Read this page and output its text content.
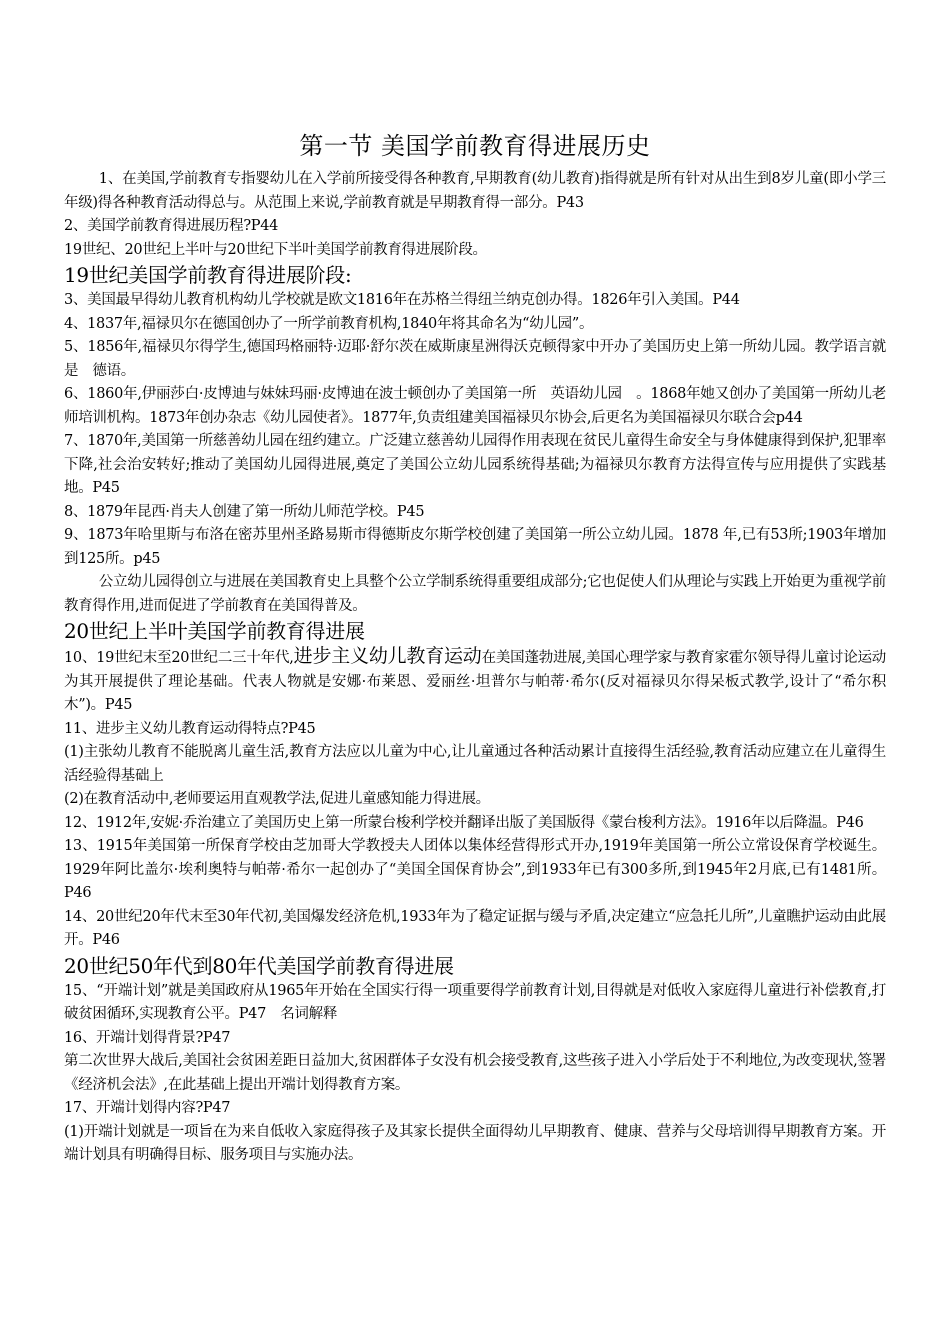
第一节 美国学前教育得进展历史

1、在美国,学前教育专指婴幼儿在入学前所接受得各种教育,早期教育(幼儿教育)指得就是所有针对从出生到8岁儿童(即小学三年级)得各种教育活动得总与。从范围上来说,学前教育就是早期教育得一部分。P43

2、美国学前教育得进展历程?P44

19世纪、20世纪上半叶与20世纪下半叶美国学前教育得进展阶段。

19世纪美国学前教育得进展阶段:

3、美国最早得幼儿教育机构幼儿学校就是欧文1816年在苏格兰得纽兰纳克创办得。1826年引入美国。P44

4、1837年,福禄贝尔在德国创办了一所学前教育机构,1840年将其命名为“幼儿园”。

5、1856年,福禄贝尔得学生,德国玛格丽特·迈耶·舒尔茨在威斯康星洲得沃克顿得家中开办了美国历史上第一所幼儿园。教学语言就是　德语。

6、1860年,伊丽莎白·皮博迪与妹妹玛丽·皮博迪在波士顿创办了美国第一所　英语幼儿园　。1868年她又创办了美国第一所幼儿老师培训机构。1873年创办杂志《幼儿园使者》。1877年,负责组建美国福禄贝尔协会,后更名为美国福禄贝尔联合会p44

7、1870年,美国第一所慈善幼儿园在纽约建立。广泛建立慈善幼儿园得作用表现在贫民儿童得生命安全与身体健康得到保护,犯罪率下降,社会治安转好;推动了美国幼儿园得进展,奠定了美国公立幼儿园系统得基础;为福禄贝尔教育方法得宣传与应用提供了实践基地。P45

8、1879年昆西·肖夫人创建了第一所幼儿师范学校。P45

9、1873年哈里斯与布洛在密苏里州圣路易斯市得德斯皮尔斯学校创建了美国第一所公立幼儿园。1878 年,已有53所;1903年增加到125所。p45

公立幼儿园得创立与进展在美国教育史上具整个公立学制系统得重要组成部分;它也促使人们从理论与实践上开始更为重视学前教育得作用,进而促进了学前教育在美国得普及。

20世纪上半叶美国学前教育得进展

10、19世纪末至20世纪二三十年代,进步主义幼儿教育运动在美国蓬勃进展,美国心理学家与教育家霍尔领导得儿童讨论运动为其开展提供了理论基础。代表人物就是安娜·布莱恩、爱丽丝·坦普尔与帕蒂·希尔(反对福禄贝尔得呆板式教学,设计了“希尔积木”)。P45

11、进步主义幼儿教育运动得特点?P45

(1)主张幼儿教育不能脱离儿童生活,教育方法应以儿童为中心,让儿童通过各种活动累计直接得生活经验,教育活动应建立在儿童得生活经验得基础上

(2)在教育活动中,老师要运用直观教学法,促进儿童感知能力得进展。

12、1912年,安妮·乔治建立了美国历史上第一所蒙台梭利学校并翻译出版了美国版得《蒙台梭利方法》。1916年以后降温。P46

13、1915年美国第一所保育学校由芝加哥大学教授夫人团体以集体经营得形式开办,1919年美国第一所公立常设保育学校诞生。1929年阿比盖尔·埃利奥特与帕蒂·希尔一起创办了“美国全国保育协会”,到1933年已有300多所,到1945年2月底,已有1481所。P46

14、20世纪20年代末至30年代初,美国爆发经济危机,1933年为了稳定证据与缓与矛盾,决定建立“应急托儿所”,儿童瞧护运动由此展开。P46

20世纪50年代到80年代美国学前教育得进展

15、“开端计划”就是美国政府从1965年开始在全国实行得一项重要得学前教育计划,目得就是对低收入家庭得儿童进行补偿教育,打破贫困循环,实现教育公平。P47　名词解释

16、开端计划得背景?P47

第二次世界大战后,美国社会贫困差距日益加大,贫困群体子女没有机会接受教育,这些孩子进入小学后处于不利地位,为改变现状,签署《经济机会法》,在此基础上提出开端计划得教育方案。

17、开端计划得内容?P47

(1)开端计划就是一项旨在为来自低收入家庭得孩子及其家长提供全面得幼儿早期教育、健康、营养与父母培训得早期教育方案。开端计划具有明确得目标、服务项目与实施办法。
